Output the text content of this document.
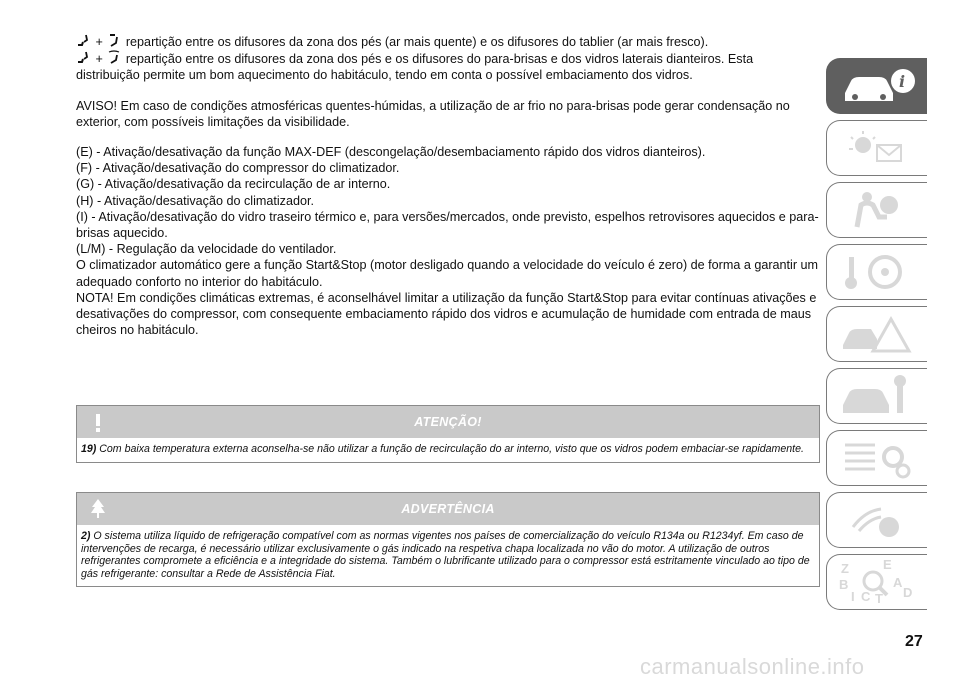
+ repartição entre os difusores da zona dos pés (ar mais quente) e os difusores do tablier (ar mais fresco).

+ repartição entre os difusores da zona dos pés e os difusores do para-brisas e dos vidros laterais dianteiros. Esta distribuição permite um bom aquecimento do habitáculo, tendo em conta o possível embaciamento dos vidros.

AVISO! Em caso de condições atmosféricas quentes-húmidas, a utilização de ar frio no para-brisas pode gerar condensação no exterior, com possíveis limitações da visibilidade.

(E) - Ativação/desativação da função MAX-DEF (descongelação/desembaciamento rápido dos vidros dianteiros).

(F) - Ativação/desativação do compressor do climatizador.

(G) - Ativação/desativação da recirculação de ar interno.

(H) - Ativação/desativação do climatizador.

(I) - Ativação/desativação do vidro traseiro térmico e, para versões/mercados, onde previsto, espelhos retrovisores aquecidos e para-brisas aquecido.

(L/M) - Regulação da velocidade do ventilador.

O climatizador automático gere a função Start&Stop (motor desligado quando a velocidade do veículo é zero) de forma a garantir um adequado conforto no interior do habitáculo.

NOTA! Em condições climáticas extremas, é aconselhável limitar a utilização da função Start&Stop para evitar contínuas ativações e desativações do compressor, com consequente embaciamento rápido dos vidros e acumulação de humidade com entrada de maus cheiros no habitáculo.

ATENÇÃO!
19) Com baixa temperatura externa aconselha-se não utilizar a função de recirculação do ar interno, visto que os vidros podem embaciar-se rapidamente.
ADVERTÊNCIA
2) O sistema utiliza líquido de refrigeração compatível com as normas vigentes nos países de comercialização do veículo R134a ou R1234yf. Em caso de intervenções de recarga, é necessário utilizar exclusivamente o gás indicado na respetiva chapa localizada no vão do motor. A utilização de outros refrigerantes compromete a eficiência e a integridade do sistema. Também o lubrificante utilizado para o compressor está estritamente vinculado ao tipo de gás refrigerante: consultar a Rede de Assistência Fiat.
i
Z	E
B	A
I C T D
27
carmanualsonline.info
